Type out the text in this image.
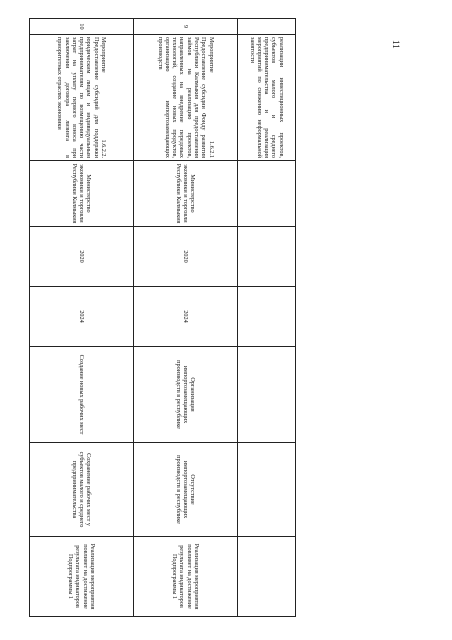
11
	реализации инвестиционных проектов, субъектов малого и среднего предпринимательства и реализация мероприятий по снижению неформальной занятости						
9	Мероприятие
1.6.2.1
Предоставление субсидии Фонду развития Республики Калмыкия для предоставления займов на реализацию проектов, направленных на внедрение передовых технологий, создание новых продуктов, организацию импортозамещающих производств	Министерство экономики и торговли Республики Калмыкия	2020	2024	Организация импортозамещающих производств в республике	Отсутствие импортозамещающих производств в республике	Реализация мероприятия повлияет на достижение результата индикаторов Подпрограммы 1
10	Мероприятие
1.6.2.2.
Предоставление субсидий для поддержки юридическим лицам и индивидуальным предпринимателям по возмещению части затрат на уплату первого взноса при заключении договора лизинга в приоритетных отраслях экономики	Министерство экономики и торговли Республики Калмыкия	2020	2024	Создание новых рабочих мест	Сохранение рабочих мест у субъектов малого и среднего предпринимательства	Реализация мероприятия повлияет на достижение результата индикаторов Подпрограммы 1
